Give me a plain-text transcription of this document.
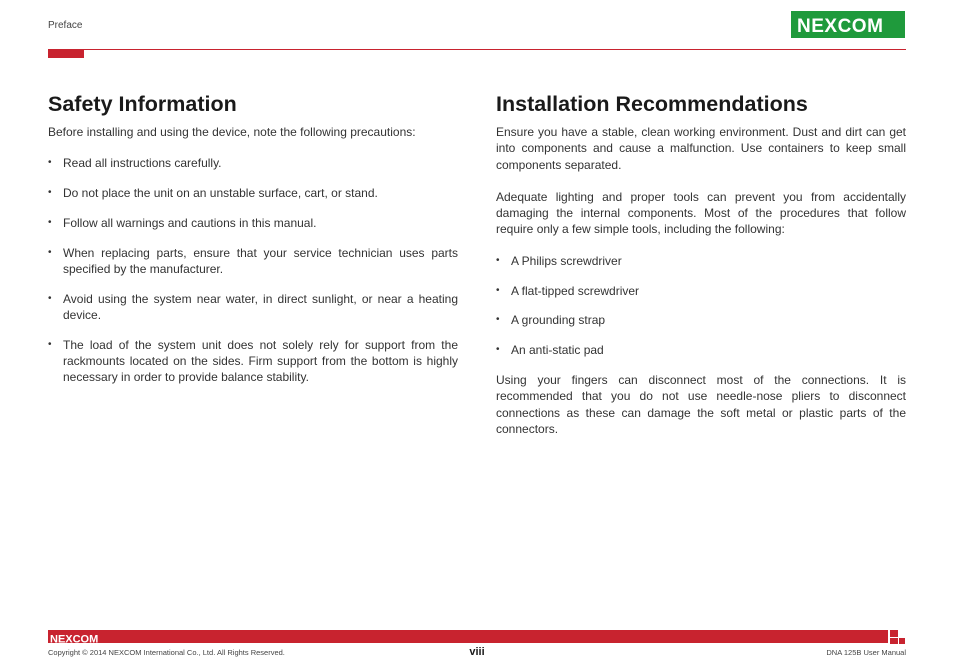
Preface	NEXCOM
Safety Information

Before installing and using the device, note the following precautions:

• Read all instructions carefully.
• Do not place the unit on an unstable surface, cart, or stand.
• Follow all warnings and cautions in this manual.
• When replacing parts, ensure that your service technician uses parts specified by the manufacturer.
• Avoid using the system near water, in direct sunlight, or near a heating device.
• The load of the system unit does not solely rely for support from the rackmounts located on the sides. Firm support from the bottom is highly necessary in order to provide balance stability.
Installation Recommendations

Ensure you have a stable, clean working environment. Dust and dirt can get into components and cause a malfunction. Use containers to keep small components separated.

Adequate lighting and proper tools can prevent you from accidentally damaging the internal components. Most of the procedures that follow require only a few simple tools, including the following:

• A Philips screwdriver
• A flat-tipped screwdriver
• A grounding strap
• An anti-static pad

Using your fingers can disconnect most of the connections. It is recommended that you do not use needle-nose pliers to disconnect connections as these can damage the soft metal or plastic parts of the connectors.

NEXCOM
Copyright © 2014 NEXCOM International Co., Ltd. All Rights Reserved.	viii	DNA 125B User Manual
